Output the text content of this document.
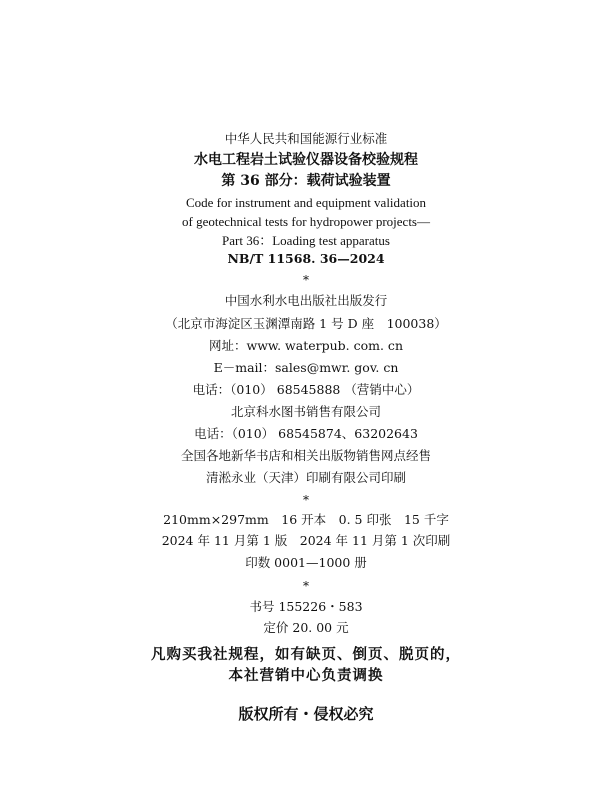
中华人民共和国能源行业标准
水电工程岩土试验仪器设备校验规程
第 36 部分：载荷试验装置
Code for instrument and equipment validation
of geotechnical tests for hydropower projects—
Part 36：Loading test apparatus
NB/T 11568. 36—2024
*
中国水利水电出版社出版发行
（北京市海淀区玉渊潭南路 1 号 D 座　100038）
网址：www. waterpub. com. cn
E－mail：sales@mwr. gov. cn
电话：（010） 68545888 （营销中心）
北京科水图书销售有限公司
电话：（010） 68545874、63202643
全国各地新华书店和相关出版物销售网点经售
清淞永业（天津）印刷有限公司印刷
*
210mm×297mm　16 开本　0. 5 印张　15 千字
2024 年 11 月第 1 版　2024 年 11 月第 1 次印刷
印数 0001—1000 册
*
书号 155226・583
定价 20. 00 元
凡购买我社规程，如有缺页、倒页、脱页的，
本社营销中心负责调换
版权所有・侵权必究
